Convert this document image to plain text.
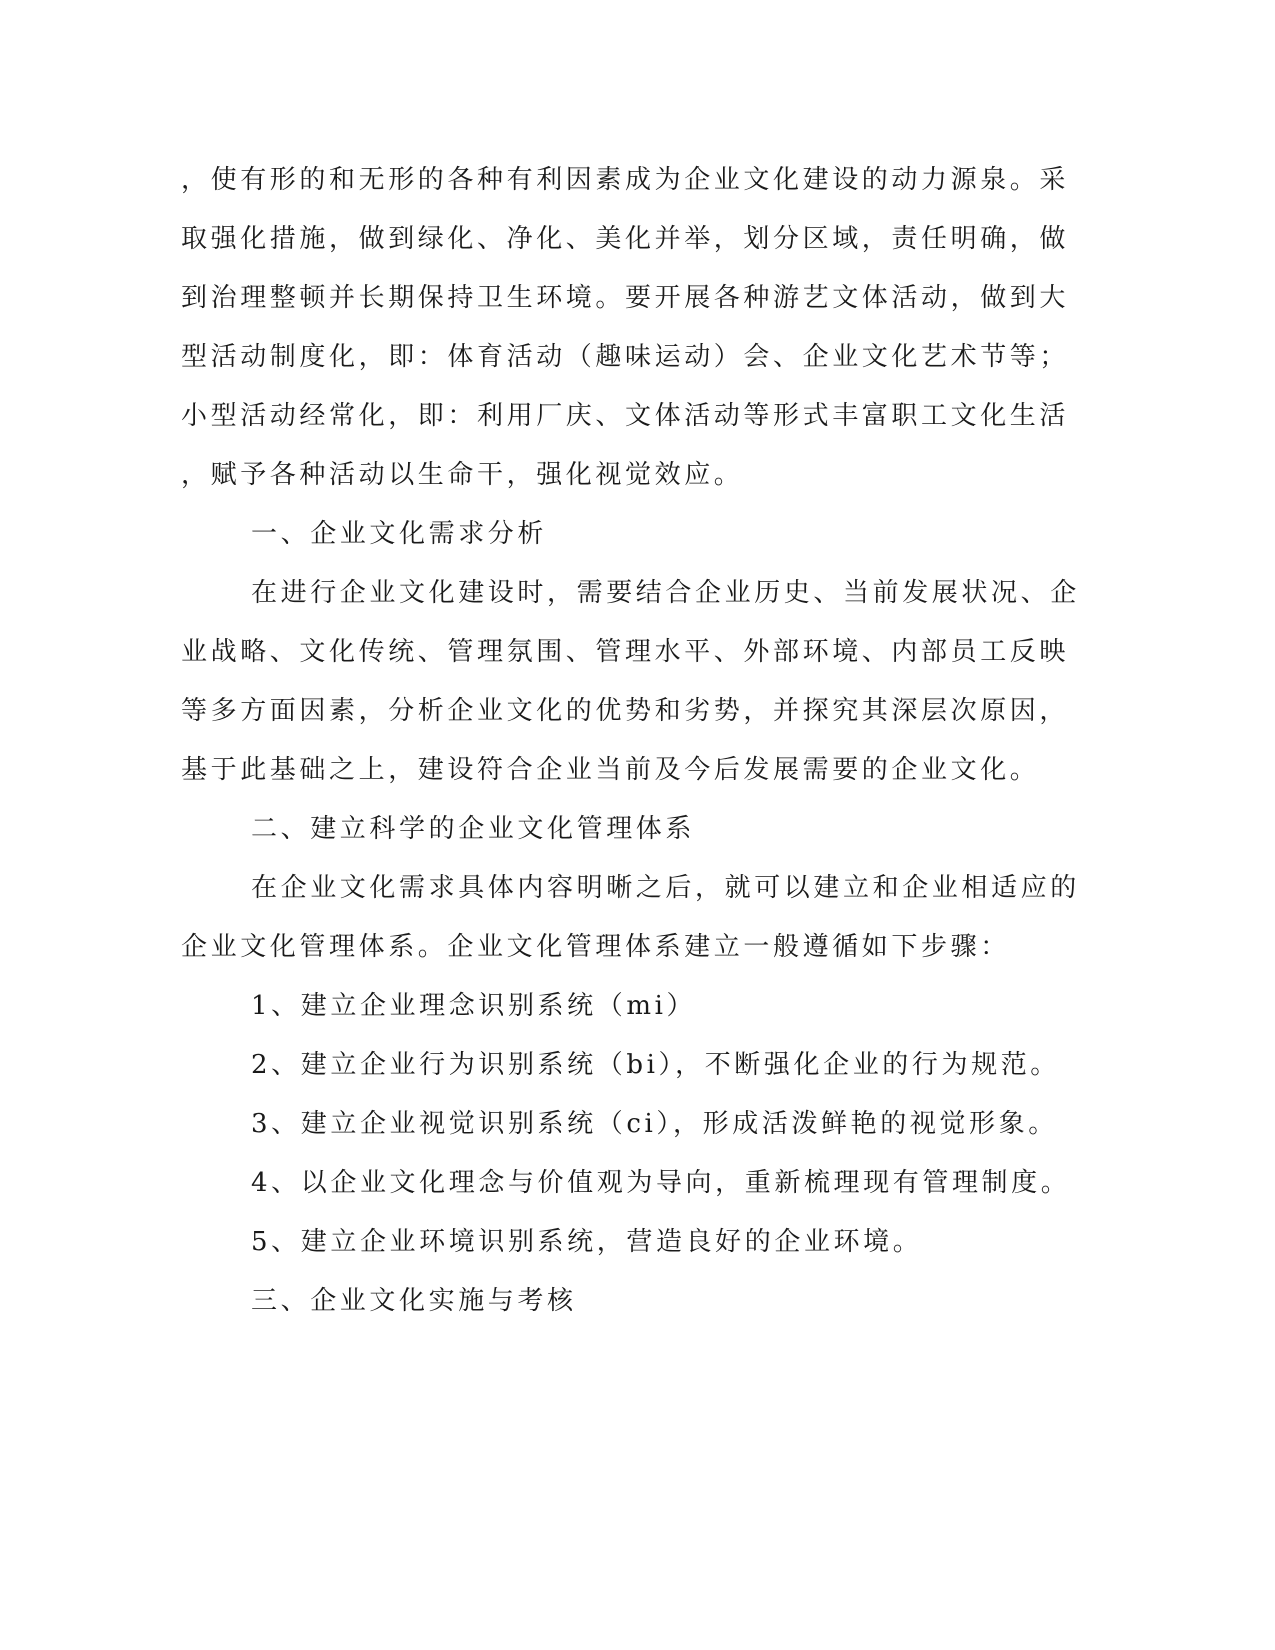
，使有形的和无形的各种有利因素成为企业文化建设的动力源泉。采
取强化措施，做到绿化、净化、美化并举，划分区域，责任明确，做
到治理整顿并长期保持卫生环境。要开展各种游艺文体活动，做到大
型活动制度化，即：体育活动（趣味运动）会、企业文化艺术节等；
小型活动经常化，即：利用厂庆、文体活动等形式丰富职工文化生活
，赋予各种活动以生命干，强化视觉效应。
一、企业文化需求分析
在进行企业文化建设时，需要结合企业历史、当前发展状况、企
业战略、文化传统、管理氛围、管理水平、外部环境、内部员工反映
等多方面因素，分析企业文化的优势和劣势，并探究其深层次原因，
基于此基础之上，建设符合企业当前及今后发展需要的企业文化。
二、建立科学的企业文化管理体系
在企业文化需求具体内容明晰之后，就可以建立和企业相适应的
企业文化管理体系。企业文化管理体系建立一般遵循如下步骤：
1、建立企业理念识别系统（mi）
2、建立企业行为识别系统（bi），不断强化企业的行为规范。
3、建立企业视觉识别系统（ci），形成活泼鲜艳的视觉形象。
4、以企业文化理念与价值观为导向，重新梳理现有管理制度。
5、建立企业环境识别系统，营造良好的企业环境。
三、企业文化实施与考核
